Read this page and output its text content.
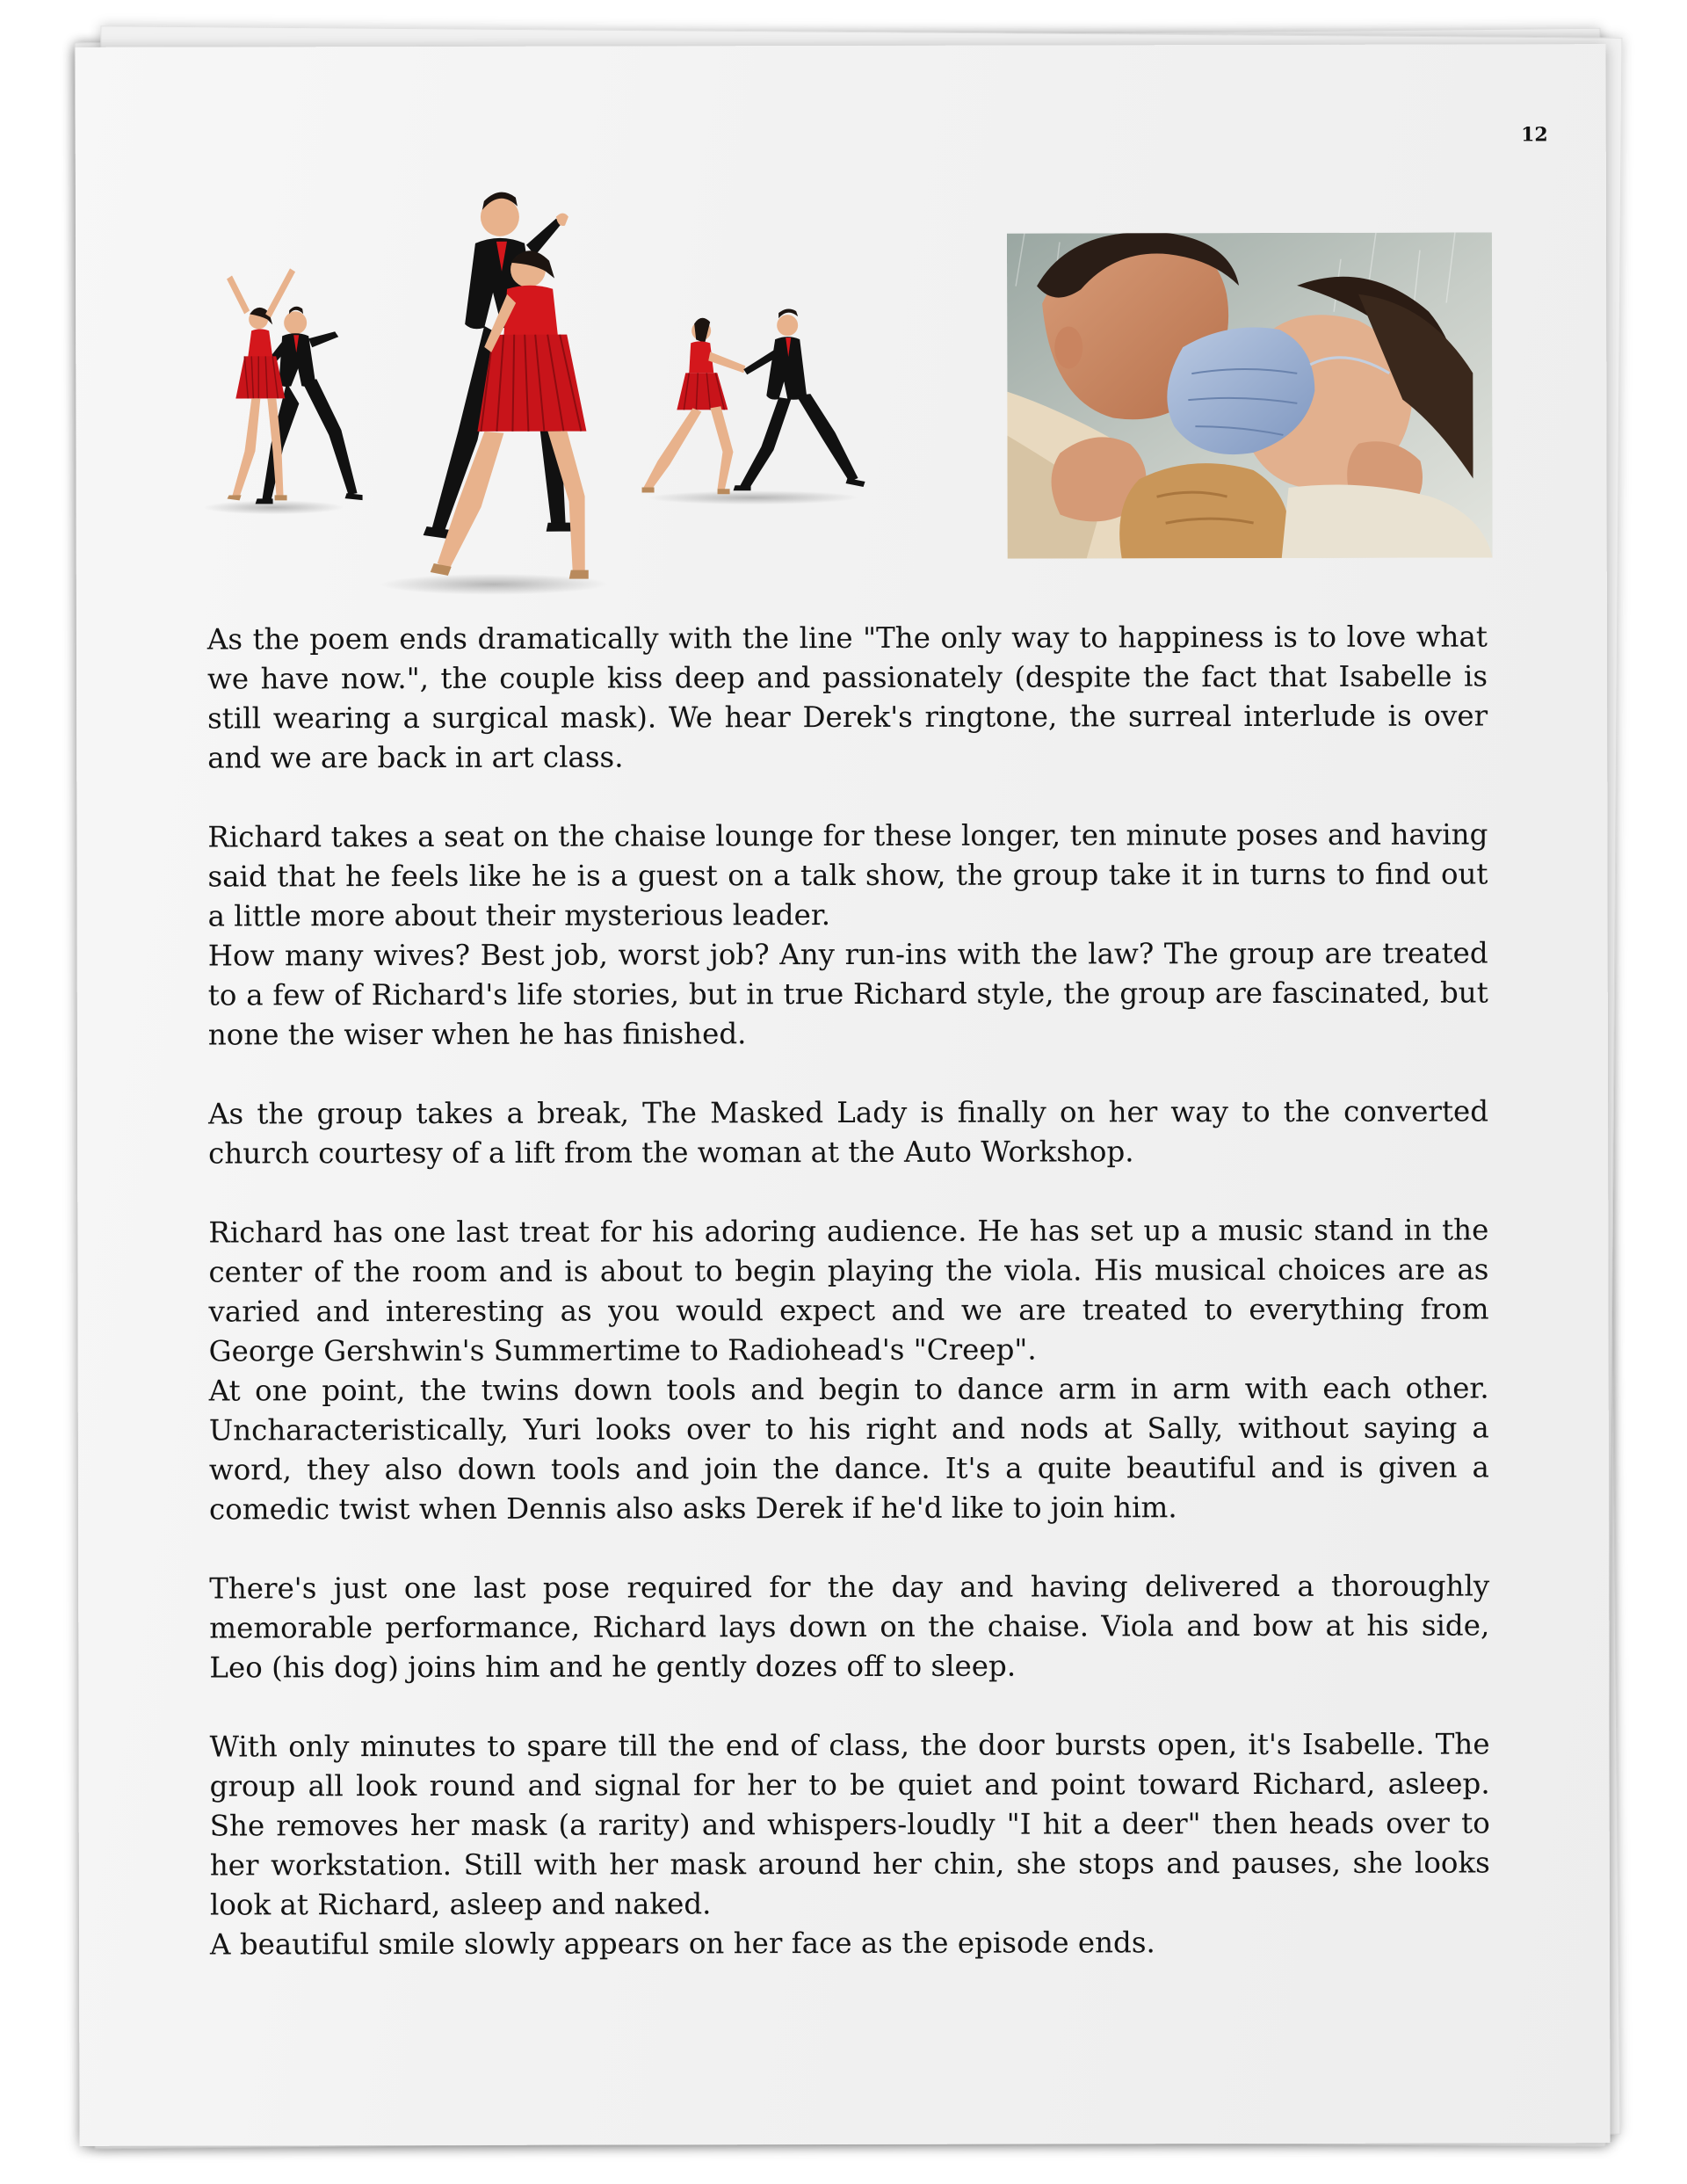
12

As the poem ends dramatically with the line "The only way to happiness is to love what we have now.", the couple kiss deep and passionately (despite the fact that Isabelle is still wearing a surgical mask). We hear Derek's ringtone, the surreal interlude is over and we are back in art class.

Richard takes a seat on the chaise lounge for these longer, ten minute poses and having said that he feels like he is a guest on a talk show, the group take it in turns to find out a little more about their mysterious leader.

How many wives? Best job, worst job? Any run-ins with the law? The group are treated to a few of Richard's life stories, but in true Richard style, the group are fascinated, but none the wiser when he has finished.

As the group takes a break, The Masked Lady is finally on her way to the converted church courtesy of a lift from the woman at the Auto Workshop.

Richard has one last treat for his adoring audience. He has set up a music stand in the center of the room and is about to begin playing the viola. His musical choices are as varied and interesting as you would expect and we are treated to everything from George Gershwin's Summertime to Radiohead's "Creep".

At one point, the twins down tools and begin to dance arm in arm with each other. Uncharacteristically, Yuri looks over to his right and nods at Sally, without saying a word, they also down tools and join the dance. It's a quite beautiful and is given a comedic twist when Dennis also asks Derek if he'd like to join him.

There's just one last pose required for the day and having delivered a thoroughly memorable performance, Richard lays down on the chaise. Viola and bow at his side, Leo (his dog) joins him and he gently dozes off to sleep.

With only minutes to spare till the end of class, the door bursts open, it's Isabelle. The group all look round and signal for her to be quiet and point toward Richard, asleep. She removes her mask (a rarity) and whispers-loudly "I hit a deer" then heads over to her workstation. Still with her mask around her chin, she stops and pauses, she looks look at Richard, asleep and naked.

A beautiful smile slowly appears on her face as the episode ends.
